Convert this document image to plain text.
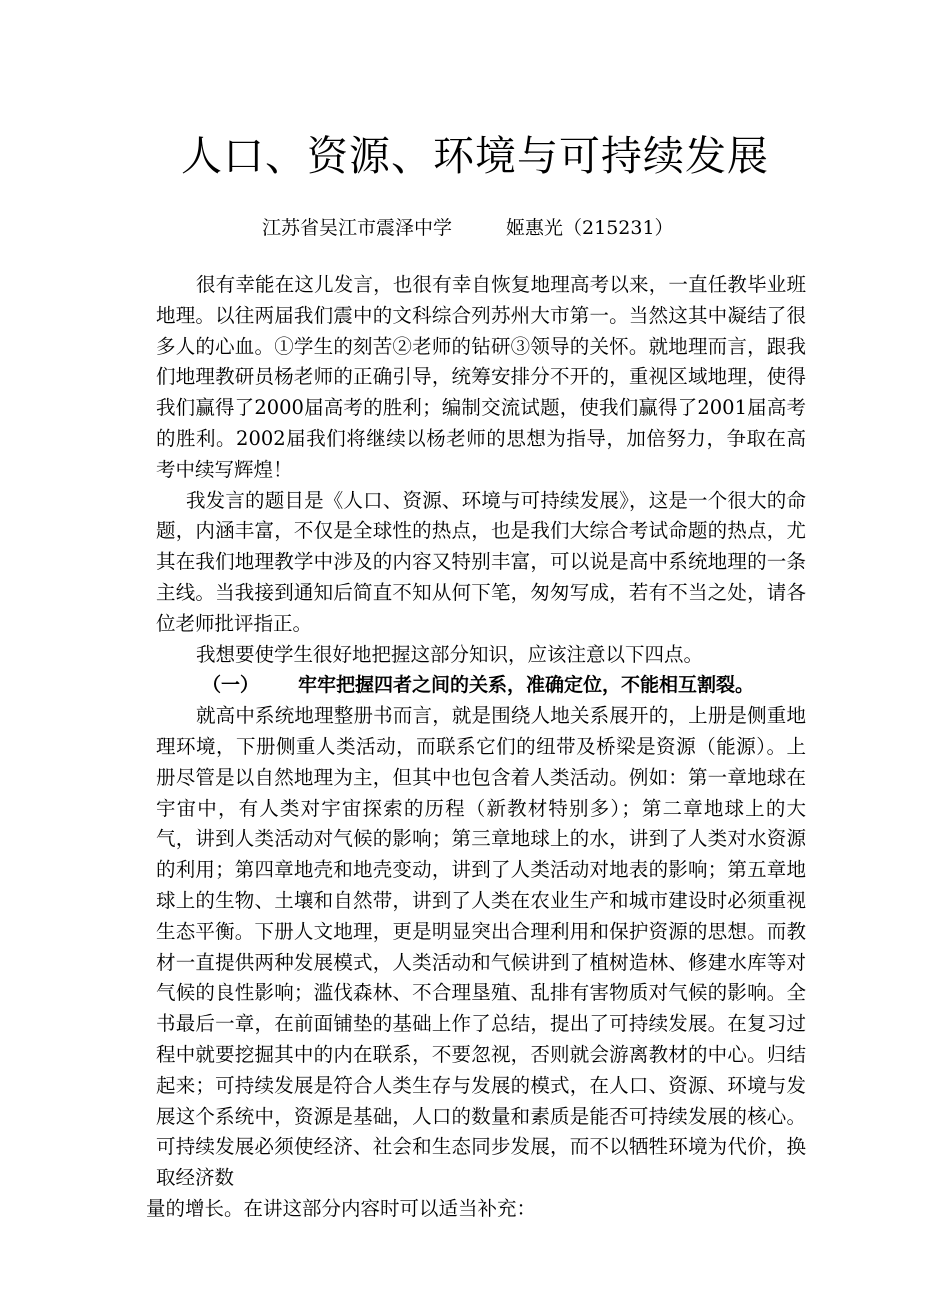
人口、资源、环境与可持续发展
江苏省吴江市震泽中学	姬惠光（215231）

很有幸能在这儿发言，也很有幸自恢复地理高考以来，一直任教毕业班地理。以往两届我们震中的文科综合列苏州大市第一。当然这其中凝结了很多人的心血。①学生的刻苦②老师的钻研③领导的关怀。就地理而言，跟我们地理教研员杨老师的正确引导，统筹安排分不开的，重视区域地理，使得我们赢得了2000届高考的胜利；编制交流试题，使我们赢得了2001届高考的胜利。2002届我们将继续以杨老师的思想为指导，加倍努力，争取在高考中续写辉煌！

我发言的题目是《人口、资源、环境与可持续发展》，这是一个很大的命题，内涵丰富，不仅是全球性的热点，也是我们大综合考试命题的热点，尤其在我们地理教学中涉及的内容又特别丰富，可以说是高中系统地理的一条主线。当我接到通知后简直不知从何下笔，匆匆写成，若有不当之处，请各位老师批评指正。

我想要使学生很好地把握这部分知识，应该注意以下四点。

（一） 牢牢把握四者之间的关系，准确定位，不能相互割裂。

就高中系统地理整册书而言，就是围绕人地关系展开的，上册是侧重地理环境，下册侧重人类活动，而联系它们的纽带及桥梁是资源（能源）。上册尽管是以自然地理为主，但其中也包含着人类活动。例如：第一章地球在宇宙中，有人类对宇宙探索的历程（新教材特别多）；第二章地球上的大气，讲到人类活动对气候的影响；第三章地球上的水，讲到了人类对水资源的利用；第四章地壳和地壳变动，讲到了人类活动对地表的影响；第五章地球上的生物、土壤和自然带，讲到了人类在农业生产和城市建设时必须重视生态平衡。下册人文地理，更是明显突出合理利用和保护资源的思想。而教材一直提供两种发展模式，人类活动和气候讲到了植树造林、修建水库等对气候的良性影响；滥伐森林、不合理垦殖、乱排有害物质对气候的影响。全书最后一章，在前面铺垫的基础上作了总结，提出了可持续发展。在复习过程中就要挖掘其中的内在联系，不要忽视，否则就会游离教材的中心。归结起来；可持续发展是符合人类生存与发展的模式，在人口、资源、环境与发展这个系统中，资源是基础，人口的数量和素质是能否可持续发展的核心。可持续发展必须使经济、社会和生态同步发展，而不以牺牲环境为代价，换取经济数

量的增长。在讲这部分内容时可以适当补充：
